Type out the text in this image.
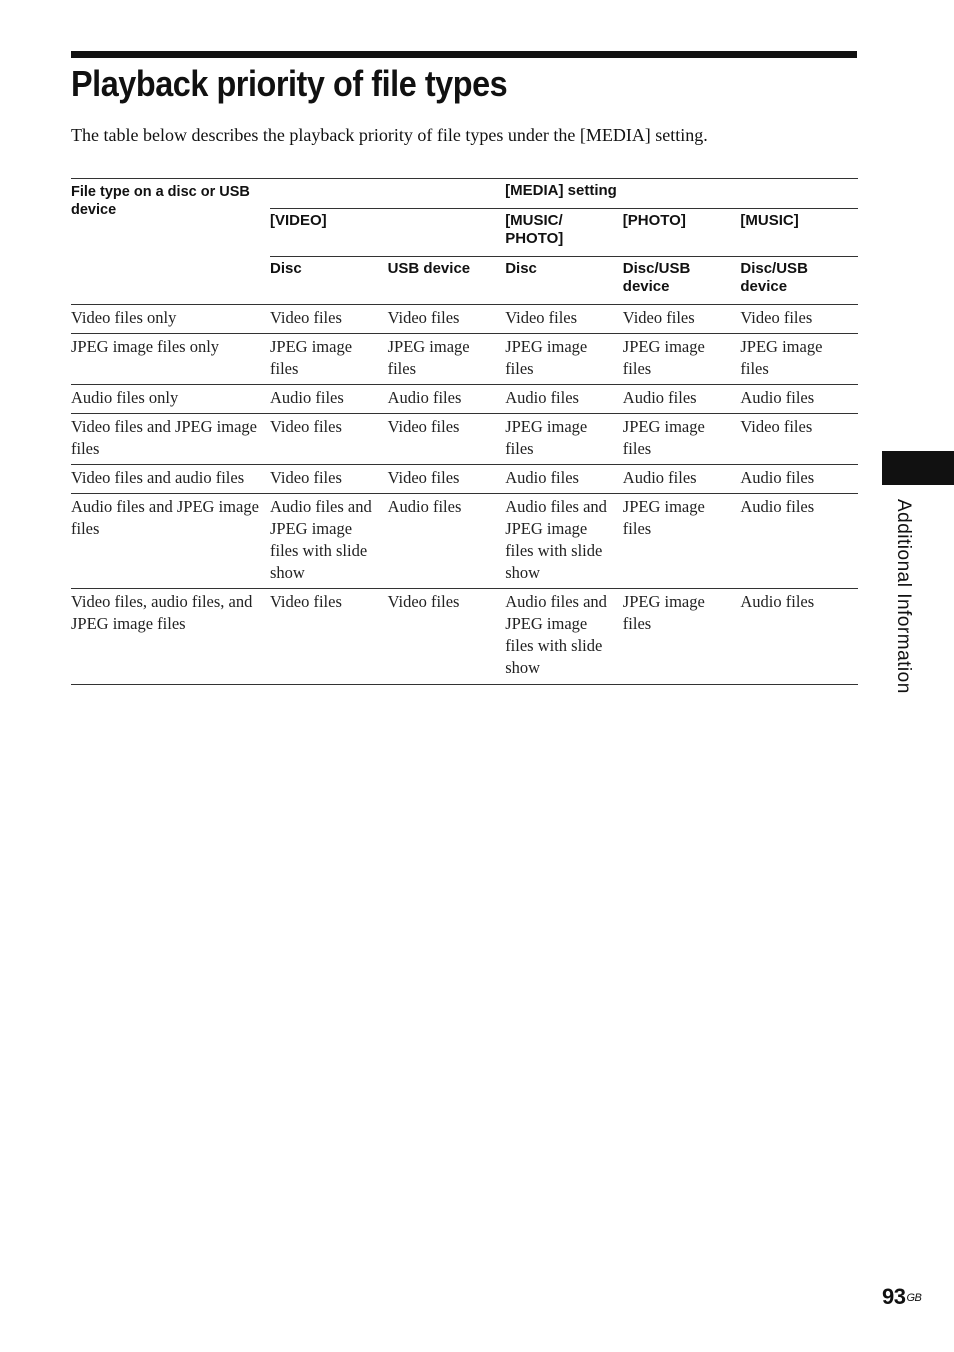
Playback priority of file types

The table below describes the playback priority of file types under the [MEDIA] setting.

File type on a disc or USB device	[MEDIA] setting				
	[VIDEO]		[MUSIC/ PHOTO]	[PHOTO]	[MUSIC]
	Disc	USB device	Disc	Disc/USB device	Disc/USB device
Video files only	Video files	Video files	Video files	Video files	Video files
JPEG image files only	JPEG image files	JPEG image files	JPEG image files	JPEG image files	JPEG image files
Audio files only	Audio files	Audio files	Audio files	Audio files	Audio files
Video files and JPEG image files	Video files	Video files	JPEG image files	JPEG image files	Video files
Video files and audio files	Video files	Video files	Audio files	Audio files	Audio files
Audio files and JPEG image files	Audio files and JPEG image files with slide show	Audio files	Audio files and JPEG image files with slide show	JPEG image files	Audio files
Video files, audio files, and JPEG image files	Video files	Video files	Audio files and JPEG image files with slide show	JPEG image files	Audio files	Additional Information
$93^{GB}$
